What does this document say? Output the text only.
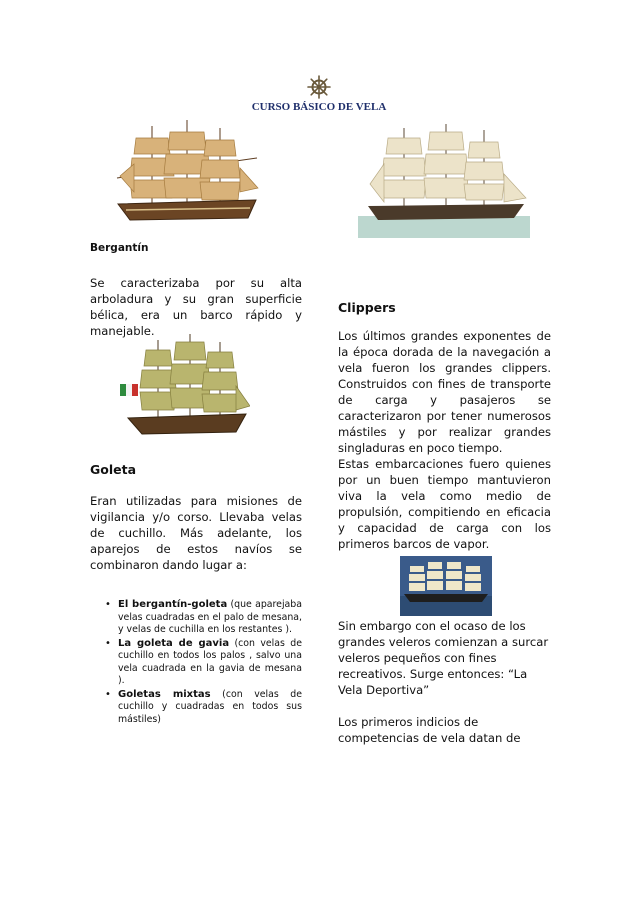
CURSO BÁSICO DE VELA
Bergantín

Se caracterizaba por su alta arboladura y su gran superficie bélica, era un barco rápido y manejable.

Goleta

Eran utilizadas para misiones de vigilancia y/o corso. Llevaba velas de cuchillo. Más adelante, los aparejos de estos navíos se combinaron dando lugar a:

• El bergantín-goleta (que aparejaba velas cuadradas en el palo de mesana, y velas de cuchilla en los restantes ).
• La goleta de gavia (con velas de cuchillo en todos los palos , salvo una vela cuadrada en la gavia de mesana ).
• Goletas mixtas (con velas de cuchillo y cuadradas en todos sus mástiles)
Clippers

Los últimos grandes exponentes de la época dorada de la navegación a vela fueron los grandes clippers. Construidos con fines de transporte de carga y pasajeros se caracterizaron por tener numerosos mástiles y por realizar grandes singladuras en poco tiempo.

Estas embarcaciones fuero quienes por un buen tiempo mantuvieron viva la vela como medio de propulsión, compitiendo en eficacia y capacidad de carga con los primeros barcos de vapor.

Sin embargo con el ocaso de los grandes veleros comienzan a surcar veleros pequeños con fines recreativos. Surge entonces: “La Vela Deportiva”

Los primeros indicios de competencias de vela datan de
